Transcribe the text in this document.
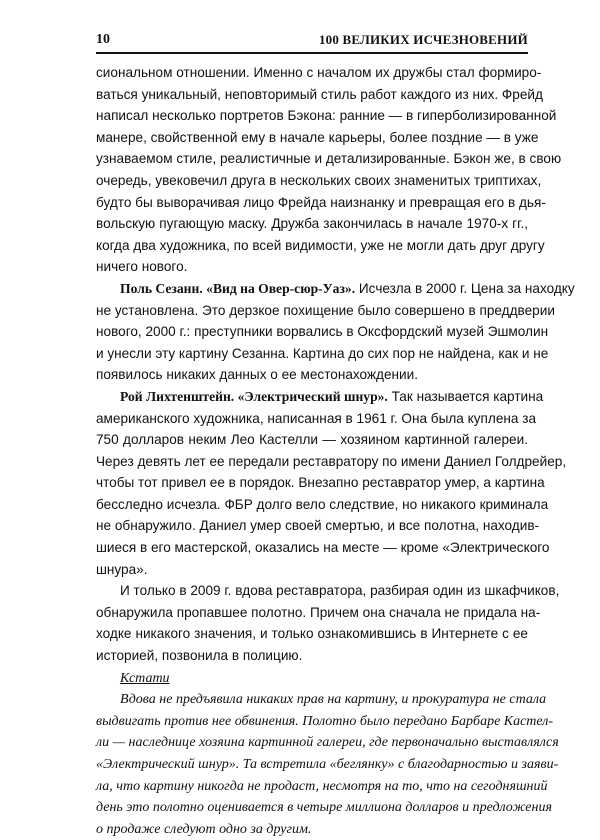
10	100 ВЕЛИКИХ ИСЧЕЗНОВЕНИЙ
сиональном отношении. Именно с началом их дружбы стал формиро-
ваться уникальный, неповторимый стиль работ каждого из них. Фрейд
написал несколько портретов Бэкона: ранние — в гиперболизированной
манере, свойственной ему в начале карьеры, более поздние — в уже
узнаваемом стиле, реалистичные и детализированные. Бэкон же, в свою
очередь, увековечил друга в нескольких своих знаменитых триптихах,
будто бы выворачивая лицо Фрейда наизнанку и превращая его в дья-
вольскую пугающую маску. Дружба закончилась в начале 1970-х гг.,
когда два художника, по всей видимости, уже не могли дать друг другу
ничего нового.
Поль Сезанн. «Вид на Овер-сюр-Уаз». Исчезла в 2000 г. Цена за находку
не установлена. Это дерзкое похищение было совершено в преддверии
нового, 2000 г.: преступники ворвались в Оксфордский музей Эшмолин
и унесли эту картину Сезанна. Картина до сих пор не найдена, как и не
появилось никаких данных о ее местонахождении.
Рой Лихтенштейн. «Электрический шнур». Так называется картина
американского художника, написанная в 1961 г. Она была куплена за
750 долларов неким Лео Кастелли — хозяином картинной галереи.
Через девять лет ее передали реставратору по имени Даниел Голдрейер,
чтобы тот привел ее в порядок. Внезапно реставратор умер, а картина
бесследно исчезла. ФБР долго вело следствие, но никакого криминала
не обнаружило. Даниел умер своей смертью, и все полотна, находив-
шиеся в его мастерской, оказались на месте — кроме «Электрического
шнура».
И только в 2009 г. вдова реставратора, разбирая один из шкафчиков,
обнаружила пропавшее полотно. Причем она сначала не придала на-
ходке никакого значения, и только ознакомившись в Интернете с ее
историей, позвонила в полицию.
Кстати
Вдова не предъявила никаких прав на картину, и прокуратура не стала
выдвигать против нее обвинения. Полотно было передано Барбаре Кастел-
ли — наследнице хозяина картинной галереи, где первоначально выставлялся
«Электрический шнур». Та встретила «беглянку» с благодарностью и заяви-
ла, что картину никогда не продаст, несмотря на то, что на сегодняшний
день это полотно оценивается в четыре миллиона долларов и предложения
о продаже следуют одно за другим.
